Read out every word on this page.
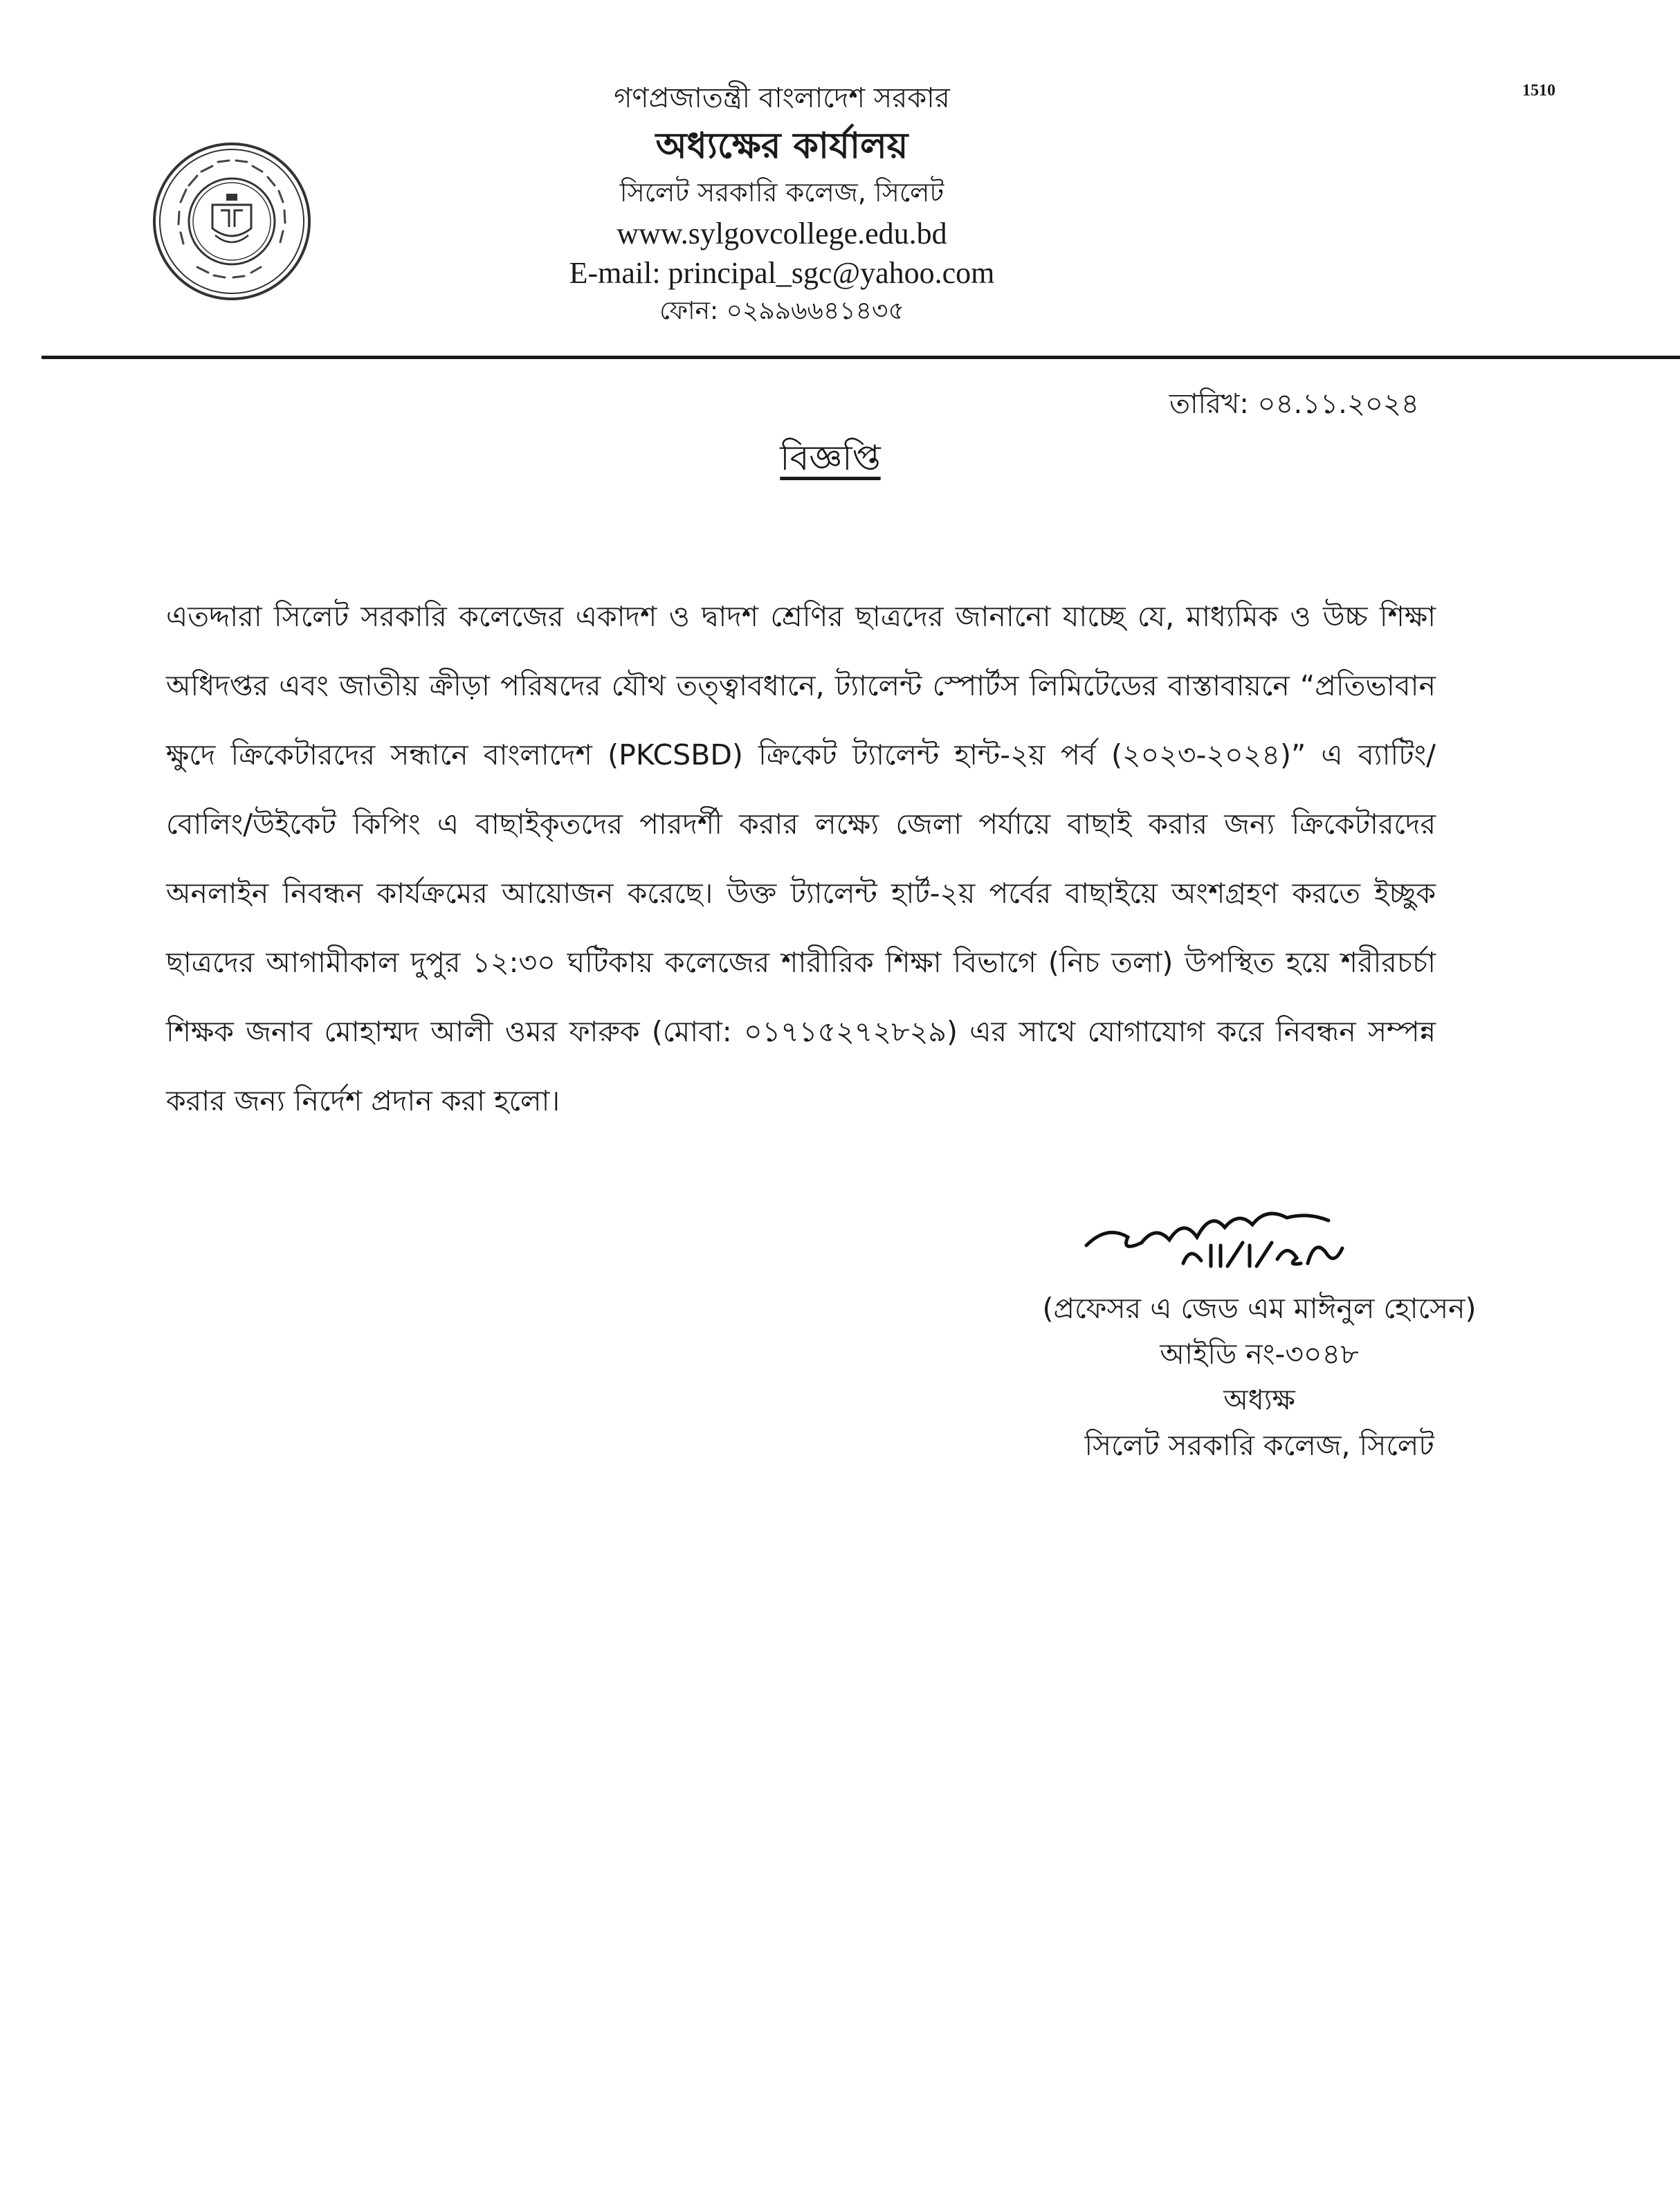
1510
গণপ্রজাতন্ত্রী বাংলাদেশ সরকার
অধ্যক্ষের কার্যালয়
সিলেট সরকারি কলেজ, সিলেট
www.sylgovcollege.edu.bd
E-mail: principal_sgc@yahoo.com
ফোন: ০২৯৯৬৬৪১৪৩৫
তারিখ: ০৪.১১.২০২৪
বিজ্ঞপ্তি

এতদ্দারা সিলেট সরকারি কলেজের একাদশ ও দ্বাদশ শ্রেণির ছাত্রদের জানানো যাচ্ছে যে, মাধ্যমিক ও উচ্চ শিক্ষা অধিদপ্তর এবং জাতীয় ক্রীড়া পরিষদের যৌথ তত্ত্বাবধানে, ট্যালেন্ট স্পোর্টস লিমিটেডের বাস্তাবায়নে “প্রতিভাবান ক্ষুদে ক্রিকেটারদের সন্ধানে বাংলাদেশ (PKCSBD) ক্রিকেট ট্যালেন্ট হান্ট-২য় পর্ব (২০২৩-২০২৪)” এ ব্যাটিং/বোলিং/উইকেট কিপিং এ বাছাইকৃতদের পারদর্শী করার লক্ষ্যে জেলা পর্যায়ে বাছাই করার জন্য ক্রিকেটারদের অনলাইন নিবন্ধন কার্যক্রমের আয়োজন করেছে। উক্ত ট্যালেন্ট হার্ট-২য় পর্বের বাছাইয়ে অংশগ্রহণ করতে ইচ্ছুক ছাত্রদের আগামীকাল দুপুর ১২:৩০ ঘটিকায় কলেজের শারীরিক শিক্ষা বিভাগে (নিচ তলা) উপস্থিত হয়ে শরীরচর্চা শিক্ষক জনাব মোহাম্মদ আলী ওমর ফারুক (মোবা: ০১৭১৫২৭২৮২৯) এর সাথে যোগাযোগ করে নিবন্ধন সম্পন্ন করার জন্য নির্দেশ প্রদান করা হলো।

(প্রফেসর এ জেড এম মাঈনুল হোসেন)
আইডি নং-৩০৪৮
অধ্যক্ষ
সিলেট সরকারি কলেজ, সিলেট
